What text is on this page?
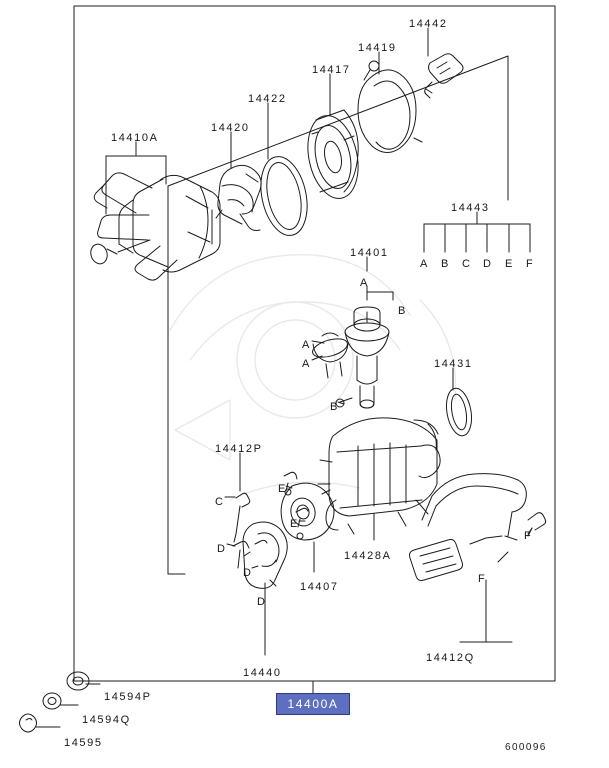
14442
14419
14417
14422
14420
14410A
14443
14401
14431
14412P
14428A
14407
14412Q
14440
14594P
14594Q
14595
A
B
A
A
B
C
E
E
D
D
D
F
F
A B C D E F
14400A
600096
